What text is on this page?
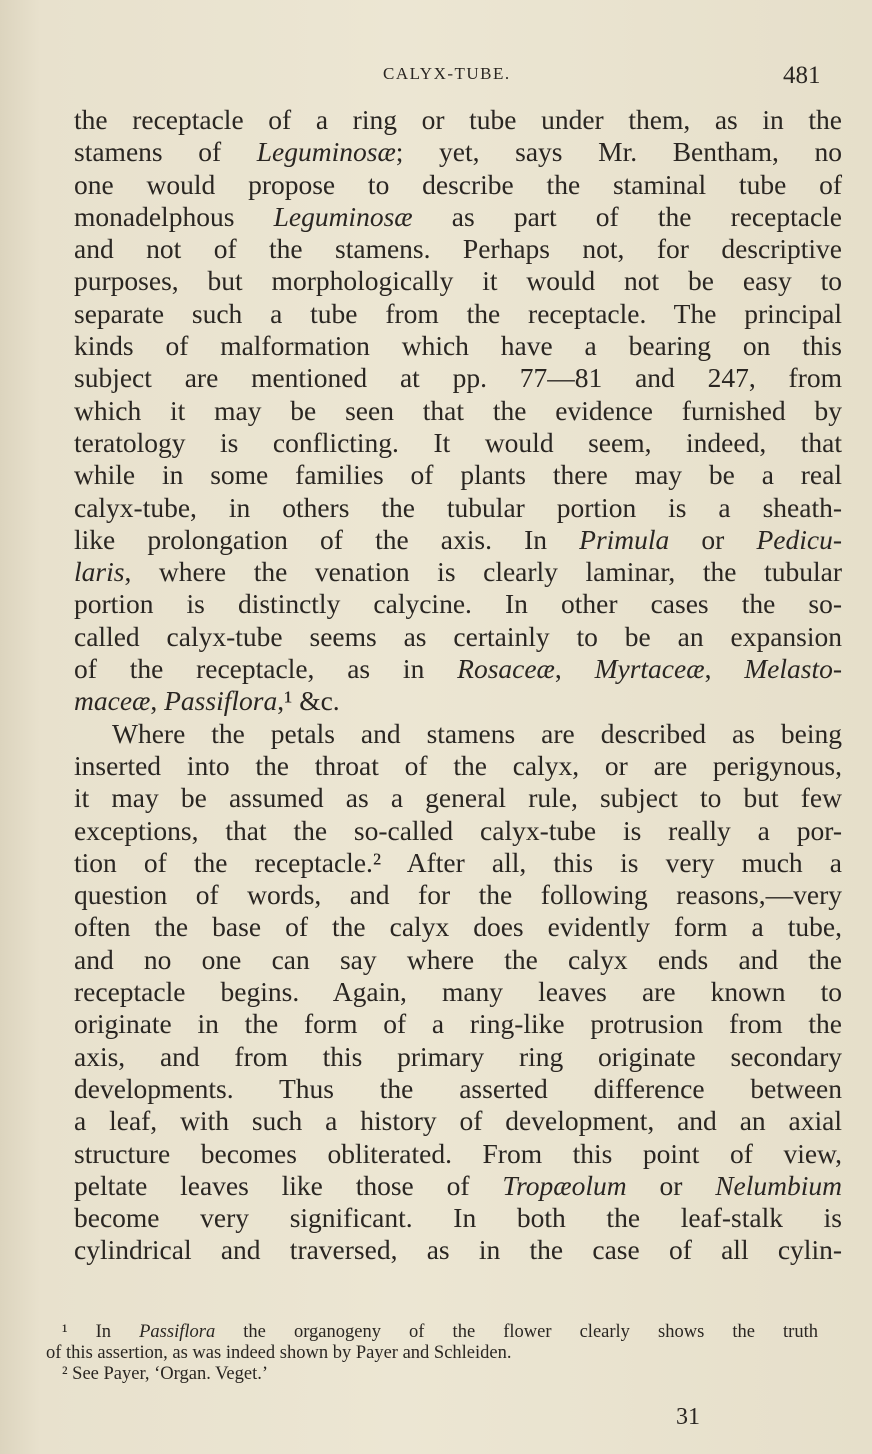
CALYX-TUBE.	481
the receptacle of a ring or tube under them, as in the
stamens of Leguminosæ; yet, says Mr. Bentham, no
one would propose to describe the staminal tube of
monadelphous Leguminosæ as part of the receptacle
and not of the stamens. Perhaps not, for descriptive
purposes, but morphologically it would not be easy to
separate such a tube from the receptacle. The principal
kinds of malformation which have a bearing on this
subject are mentioned at pp. 77—81 and 247, from
which it may be seen that the evidence furnished by
teratology is conflicting. It would seem, indeed, that
while in some families of plants there may be a real
calyx-tube, in others the tubular portion is a sheath-
like prolongation of the axis. In Primula or Pedicu-
laris, where the venation is clearly laminar, the tubular
portion is distinctly calycine. In other cases the so-
called calyx-tube seems as certainly to be an expansion
of the receptacle, as in Rosaceæ, Myrtaceæ, Melasto-
maceæ, Passiflora,¹ &c.
Where the petals and stamens are described as being
inserted into the throat of the calyx, or are perigynous,
it may be assumed as a general rule, subject to but few
exceptions, that the so-called calyx-tube is really a por-
tion of the receptacle.² After all, this is very much a
question of words, and for the following reasons,—very
often the base of the calyx does evidently form a tube,
and no one can say where the calyx ends and the
receptacle begins. Again, many leaves are known to
originate in the form of a ring-like protrusion from the
axis, and from this primary ring originate secondary
developments. Thus the asserted difference between
a leaf, with such a history of development, and an axial
structure becomes obliterated. From this point of view,
peltate leaves like those of Tropæolum or Nelumbium
become very significant. In both the leaf-stalk is
cylindrical and traversed, as in the case of all cylin-
¹ In Passiflora the organogeny of the flower clearly shows the truth
of this assertion, as was indeed shown by Payer and Schleiden.
² See Payer, ‘Organ. Veget.’
31
